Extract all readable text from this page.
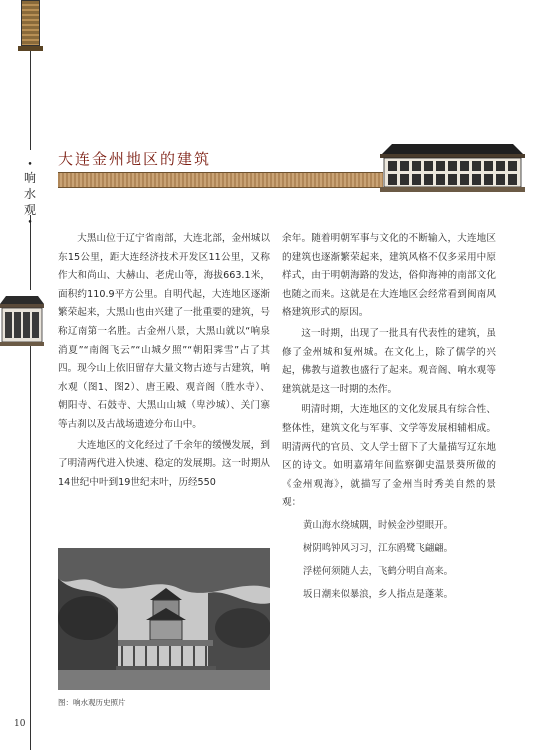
•
响
水
观
•
10
大连金州地区的建筑

大黑山位于辽宁省南部，大连北部，金州城以东15公里，距大连经济技术开发区11公里，又称作大和尚山、大赫山、老虎山等，海拔663.1米，面积约110.9平方公里。自明代起，大连地区逐渐繁荣起来，大黑山也由兴建了一批重要的建筑，号称辽南第一名胜。古金州八景，大黑山就以“响泉消夏”“南阁飞云”“山城夕照”“朝阳霁雪”占了其四。现今山上依旧留存大量文物古迹与古建筑，响水观（图1、图2）、唐王殿、观音阁（胜水寺）、朝阳寺、石鼓寺、大黑山山城（卑沙城）、关门寨等古刹以及古战场遗迹分布山中。

大连地区的文化经过了千余年的缓慢发展，到了明清两代进入快速、稳定的发展期。这一时期从14世纪中叶到19世纪末叶，历经550

余年。随着明朝军事与文化的不断输入，大连地区的建筑也逐渐繁荣起来，建筑风格不仅多采用中原样式，由于明朝海路的发达，俗仰海神的南部文化也随之而来。这就是在大连地区会经常看到闽南风格建筑形式的原因。

这一时期，出现了一批具有代表性的建筑，虽修了金州城和复州城。在文化上，除了儒学的兴起，佛教与道教也盛行了起来。观音阁、响水观等建筑就是这一时期的杰作。

明清时期，大连地区的文化发展具有综合性、整体性，建筑文化与军事、文学等发展相辅相成。明清两代的官员、文人学士留下了大量描写辽东地区的诗文。如明嘉靖年间监察御史温景葵所做的《金州观海》，就描写了金州当时秀美自然的景观：

黄山海水绕城隅，时候金沙望眼开。
树阴鸣钟风习习，江东鸥鹭飞翩翩。
浮槎何须随人去，飞鹤分明自高来。
坂日潮来似暴浪，乡人指点是蓬莱。
图：响水观历史照片
